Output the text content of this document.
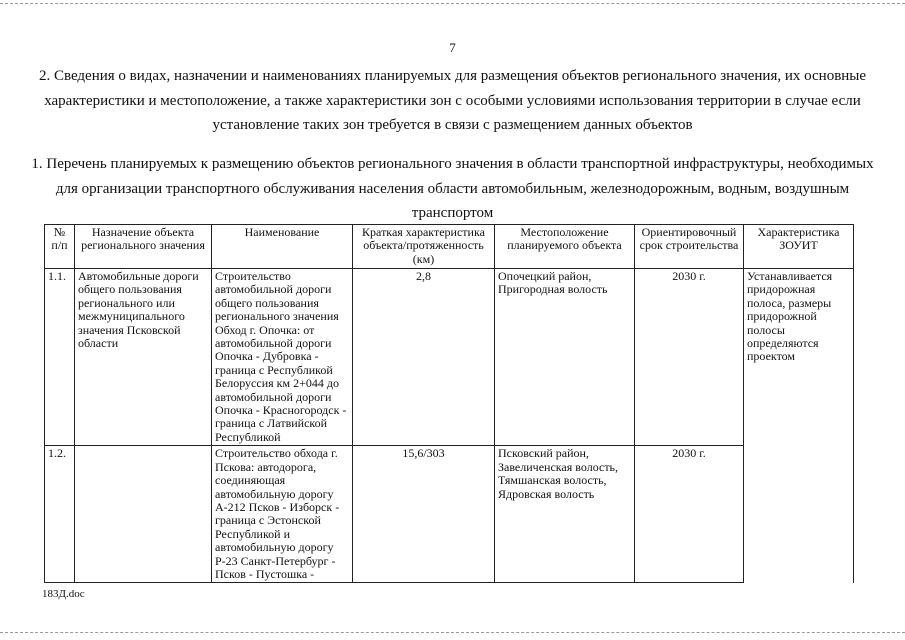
7
2. Сведения о видах, назначении и наименованиях планируемых для размещения объектов регионального значения, их основные характеристики и местоположение, а также характеристики зон с особыми условиями использования территории в случае если установление таких зон требуется в связи с размещением данных объектов
1. Перечень планируемых к размещению объектов регионального значения в области транспортной инфраструктуры, необходимых для организации транспортного обслуживания населения области автомобильным, железнодорожным, водным, воздушным транспортом
№ п/п	Назначение объекта регионального значения	Наименование	Краткая характеристика объекта/протяженность (км)	Местоположение планируемого объекта	Ориентировочный срок строительства	Характеристика ЗОУИТ
1.1.	Автомобильные дороги общего пользования регионального или межмуниципального значения Псковской области	Строительство автомобильной дороги общего пользования регионального значения Обход г. Опочка: от автомобильной дороги Опочка - Дубровка - граница с Республикой Белоруссия км 2+044 до автомобильной дороги Опочка - Красногородск - граница с Латвийской Республикой	2,8	Опочецкий район, Пригородная волость	2030 г.	Устанавливается придорожная полоса, размеры придорожной полосы определяются проектом
1.2.		Строительство обхода г. Пскова: автодорога, соединяющая автомобильную дорогу А-212 Псков - Изборск - граница с Эстонской Республикой и автомобильную дорогу Р-23 Санкт-Петербург - Псков - Пустошка -	15,6/303	Псковский район, Завеличенская волость, Тямшанская волость, Ядровская волость	2030 г.	
183Д.doc
